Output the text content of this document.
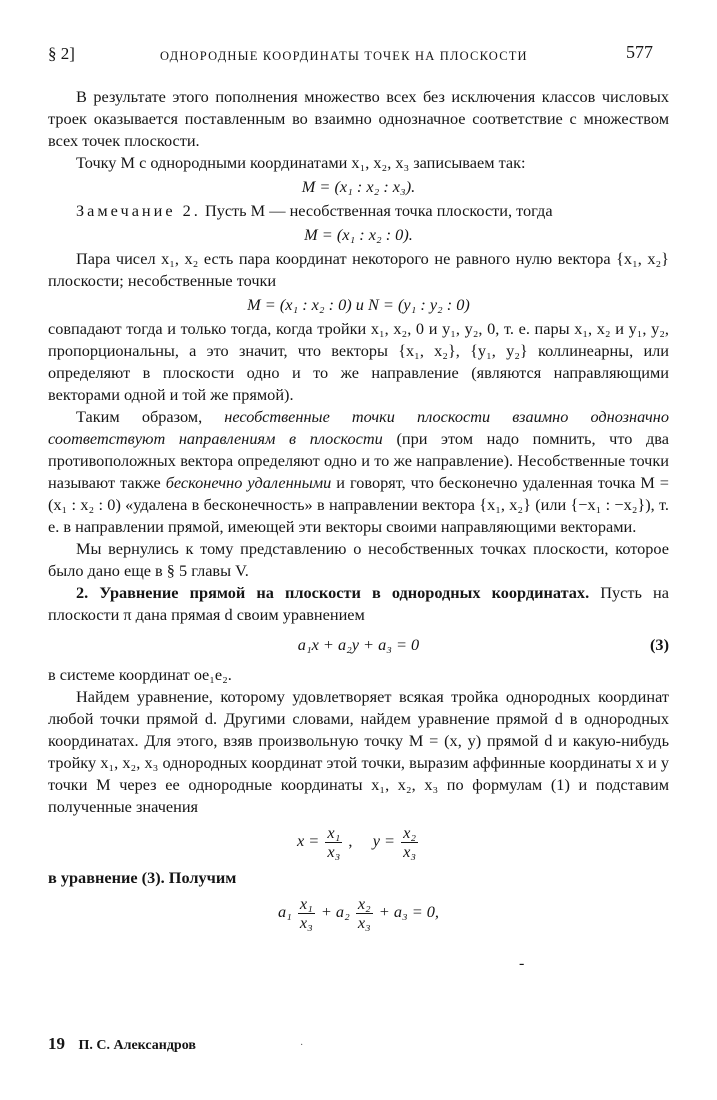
§ 2]	ОДНОРОДНЫЕ КООРДИНАТЫ ТОЧЕК НА ПЛОСКОСТИ	577

В результате этого пополнения множество всех без исключения классов числовых троек оказывается поставленным во взаимно однозначное соответствие с множеством всех точек плоскости.

Точку M с однородными координатами x₁, x₂, x₃ записываем так:

M = (x₁ : x₂ : x₃).

Замечание 2. Пусть M — несобственная точка плоскости, тогда

M = (x₁ : x₂ : 0).

Пара чисел x₁, x₂ есть пара координат некоторого не равного нулю вектора {x₁, x₂} плоскости; несобственные точки

M = (x₁ : x₂ : 0) и N = (y₁ : y₂ : 0)

совпадают тогда и только тогда, когда тройки x₁, x₂, 0 и y₁, y₂, 0, т. е. пары x₁, x₂ и y₁, y₂, пропорциональны, а это значит, что векторы {x₁, x₂}, {y₁, y₂} коллинеарны, или определяют в плоскости одно и то же направление (являются направляющими векторами одной и той же прямой).

Таким образом, несобственные точки плоскости взаимно однозначно соответствуют направлениям в плоскости (при этом надо помнить, что два противоположных вектора определяют одно и то же направление). Несобственные точки называют также бесконечно удаленными и говорят, что бесконечно удаленная точка M = (x₁ : x₂ : 0) «удалена в бесконечность» в направлении вектора {x₁, x₂} (или {−x₁ : −x₂}), т. е. в направлении прямой, имеющей эти векторы своими направляющими векторами.

Мы вернулись к тому представлению о несобственных точках плоскости, которое было дано еще в § 5 главы V.

2. Уравнение прямой на плоскости в однородных координатах. Пусть на плоскости π дана прямая d своим уравнением

a₁x + a₂y + a₃ = 0	(3)

в системе координат oe₁e₂.

Найдем уравнение, которому удовлетворяет всякая тройка однородных координат любой точки прямой d. Другими словами, найдем уравнение прямой d в однородных координатах. Для этого, взяв произвольную точку M = (x, y) прямой d и какую-нибудь тройку x₁, x₂, x₃ однородных координат этой точки, выразим аффинные координаты x и y точки M через ее однородные координаты x₁, x₂, x₃ по формулам (1) и подставим полученные значения

$x = \frac{\text{x₁}}{\text{x₃}}$ ,     $y = \frac{\text{x₂}}{\text{x₃}}$

в уравнение (3). Получим

$a_1 \frac{\text{x₁}}{\text{x₃}} + a_2 \frac{\text{x₂}}{\text{x₃}} + a_3 = 0$,
-
19 П. С. Александров	·
